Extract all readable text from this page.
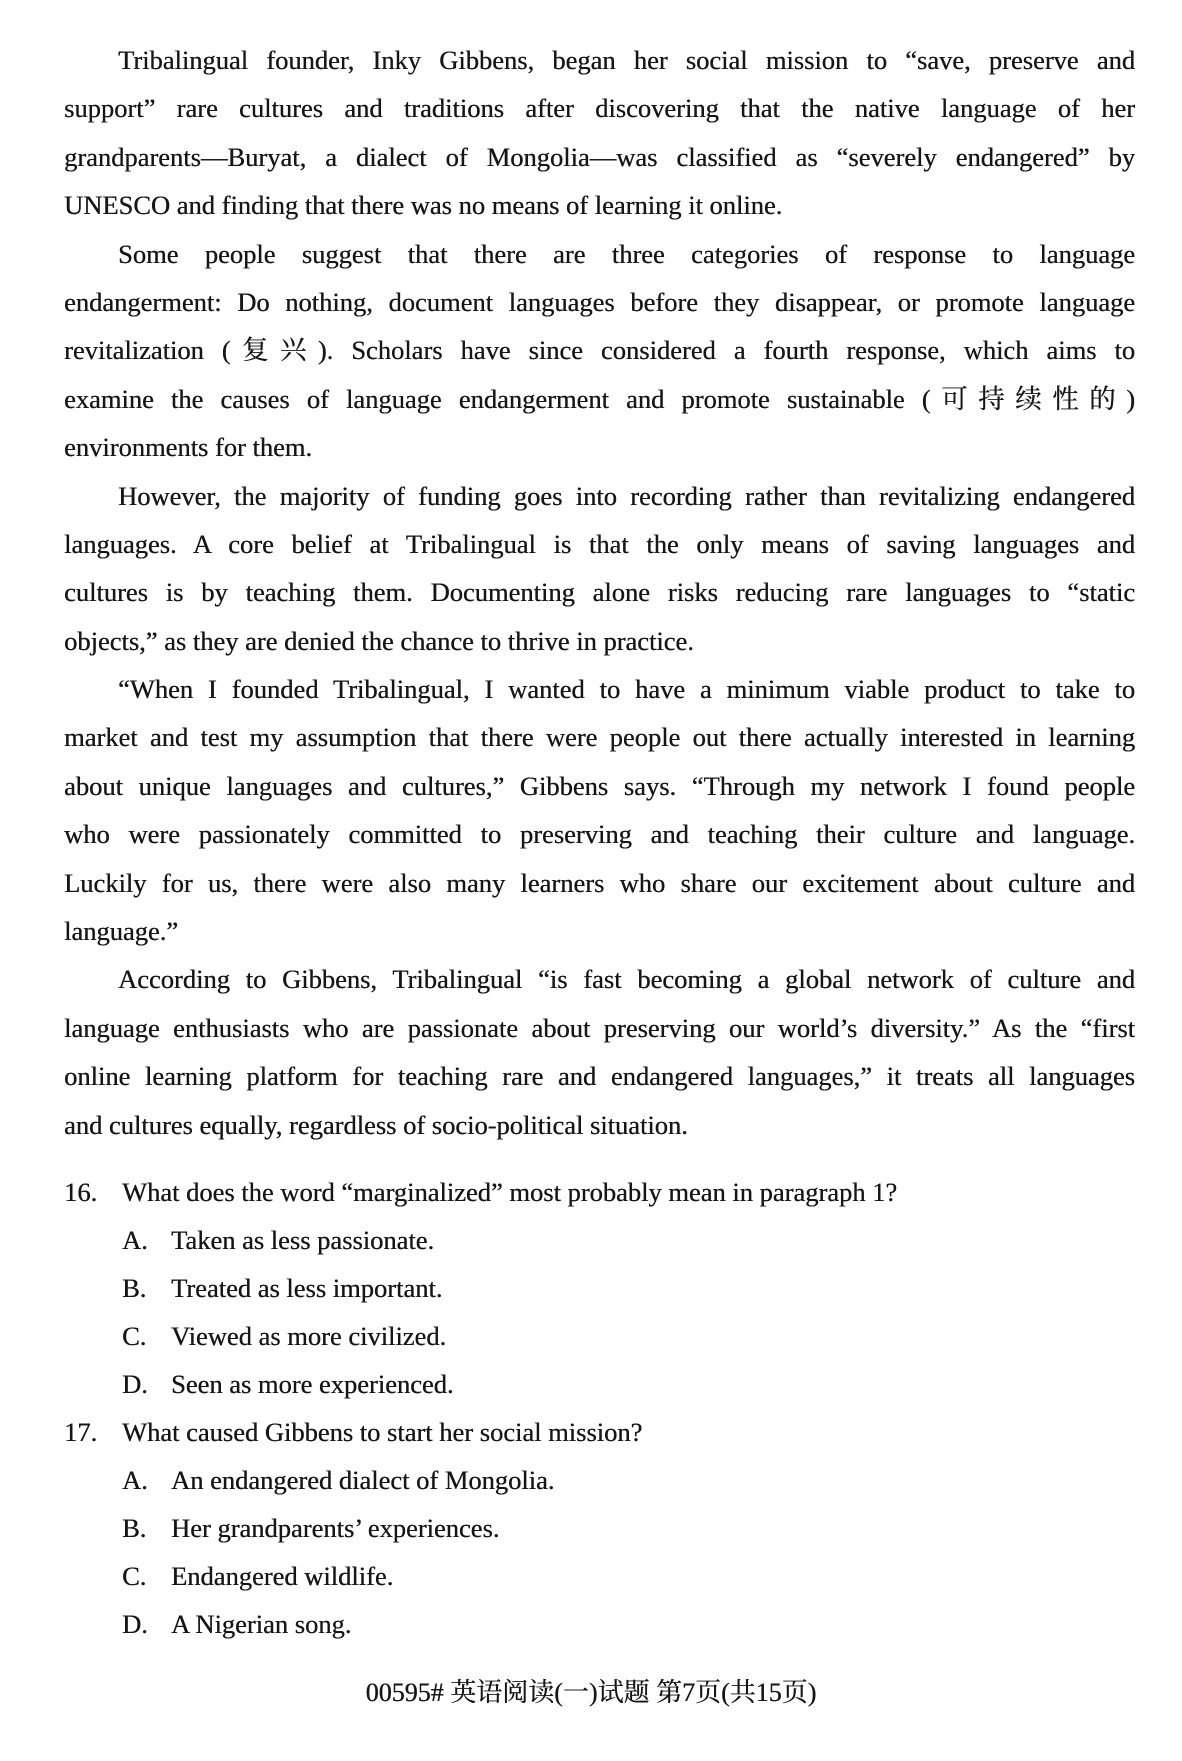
Tribalingual founder, Inky Gibbens, began her social mission to “save, preserve and
support” rare cultures and traditions after discovering that the native language of her
grandparents—Buryat, a dialect of Mongolia—was classified as “severely endangered” by
UNESCO and finding that there was no means of learning it online.
Some people suggest that there are three categories of response to language
endangerment: Do nothing, document languages before they disappear, or promote language
revitalization (复兴). Scholars have since considered a fourth response, which aims to
examine the causes of language endangerment and promote sustainable (可持续性的)
environments for them.
However, the majority of funding goes into recording rather than revitalizing endangered
languages. A core belief at Tribalingual is that the only means of saving languages and
cultures is by teaching them. Documenting alone risks reducing rare languages to “static
objects,” as they are denied the chance to thrive in practice.
“When I founded Tribalingual, I wanted to have a minimum viable product to take to
market and test my assumption that there were people out there actually interested in learning
about unique languages and cultures,” Gibbens says. “Through my network I found people
who were passionately committed to preserving and teaching their culture and language.
Luckily for us, there were also many learners who share our excitement about culture and
language.”
According to Gibbens, Tribalingual “is fast becoming a global network of culture and
language enthusiasts who are passionate about preserving our world’s diversity.” As the “first
online learning platform for teaching rare and endangered languages,” it treats all languages
and cultures equally, regardless of socio-political situation.
16. What does the word “marginalized” most probably mean in paragraph 1?
A. Taken as less passionate.
B. Treated as less important.
C. Viewed as more civilized.
D. Seen as more experienced.
17. What caused Gibbens to start her social mission?
A. An endangered dialect of Mongolia.
B. Her grandparents’ experiences.
C. Endangered wildlife.
D. A Nigerian song.
00595# 英语阅读(一)试题 第7页(共15页)
